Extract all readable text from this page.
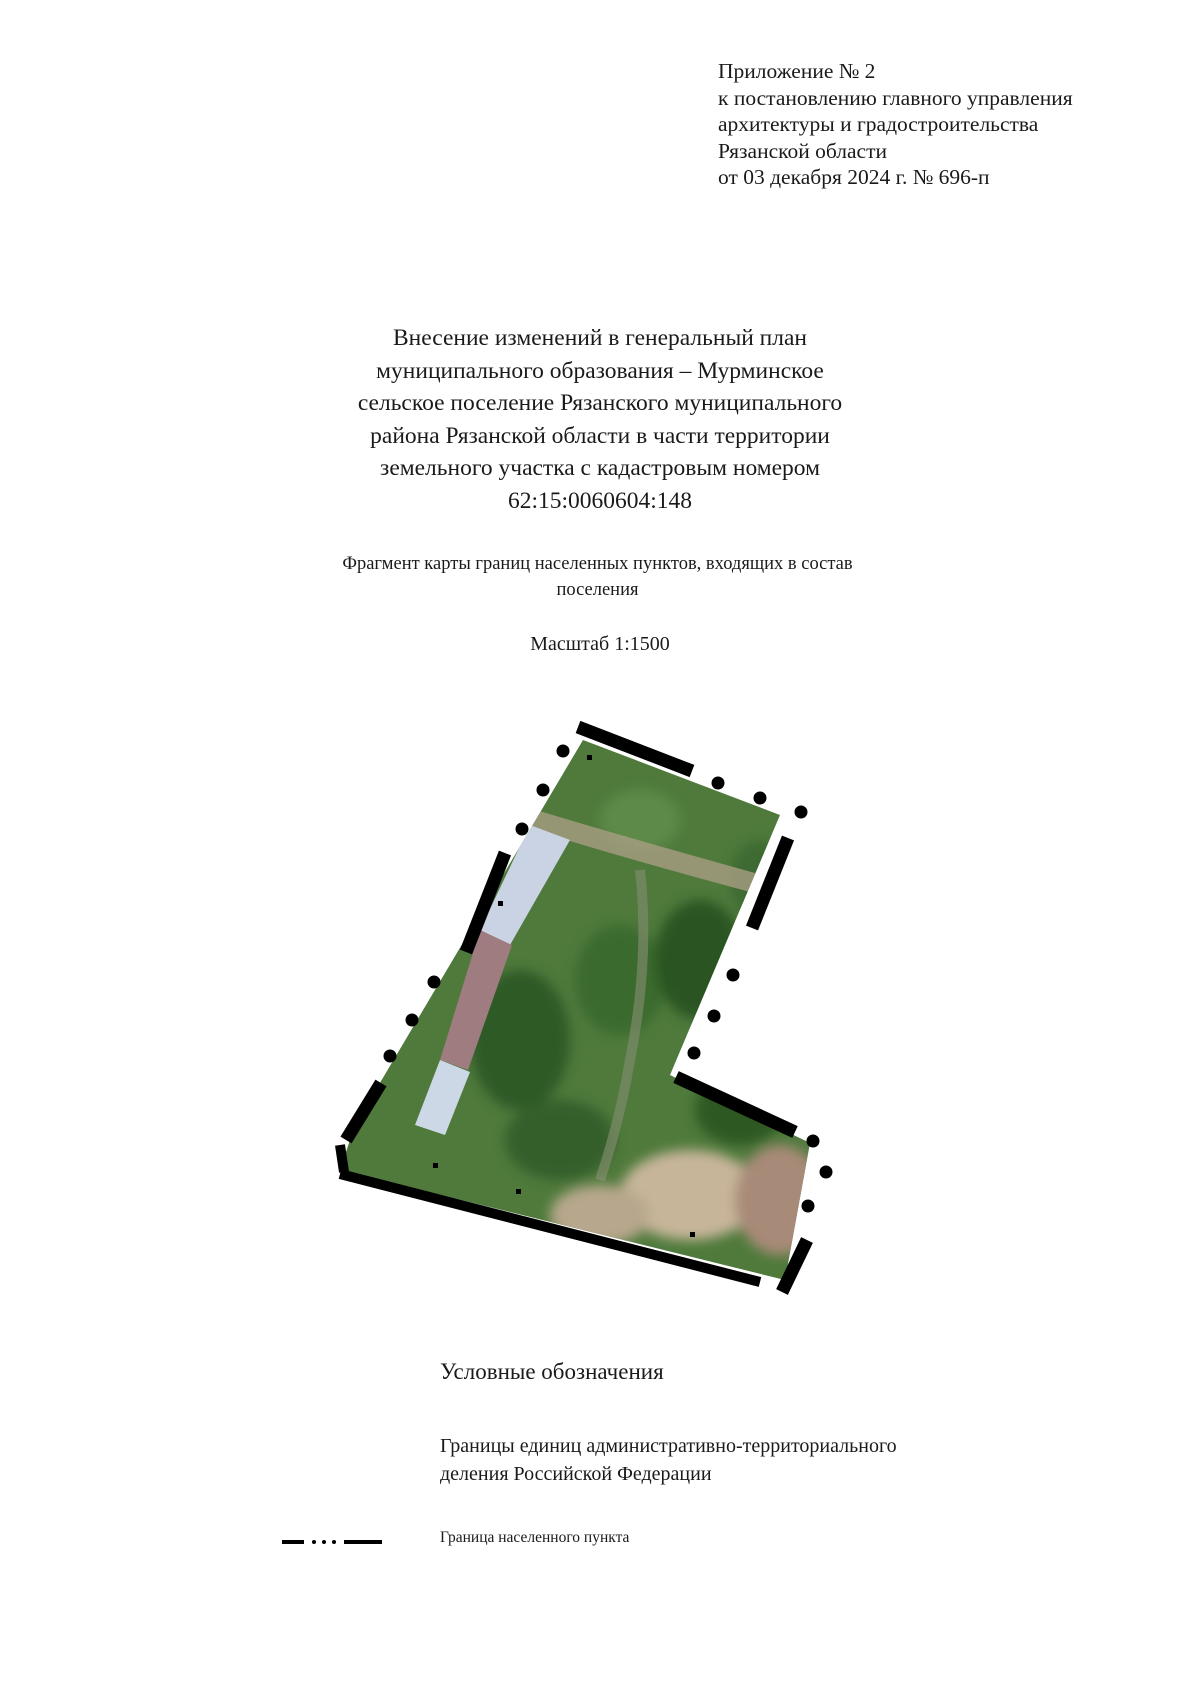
Приложение № 2
к постановлению главного управления
архитектуры и градостроительства
Рязанской области
от 03 декабря 2024 г. № 696-п
Внесение изменений в генеральный план
муниципального образования – Мурминское
сельское поселение Рязанского муниципального
района Рязанской области в части территории
земельного участка с кадастровым номером
62:15:0060604:148
Фрагмент карты границ населенных пунктов, входящих в состав
поселения
Масштаб 1:1500
Условные обозначения
Границы единиц административно-территориального
деления Российской Федерации
Граница населенного пункта
